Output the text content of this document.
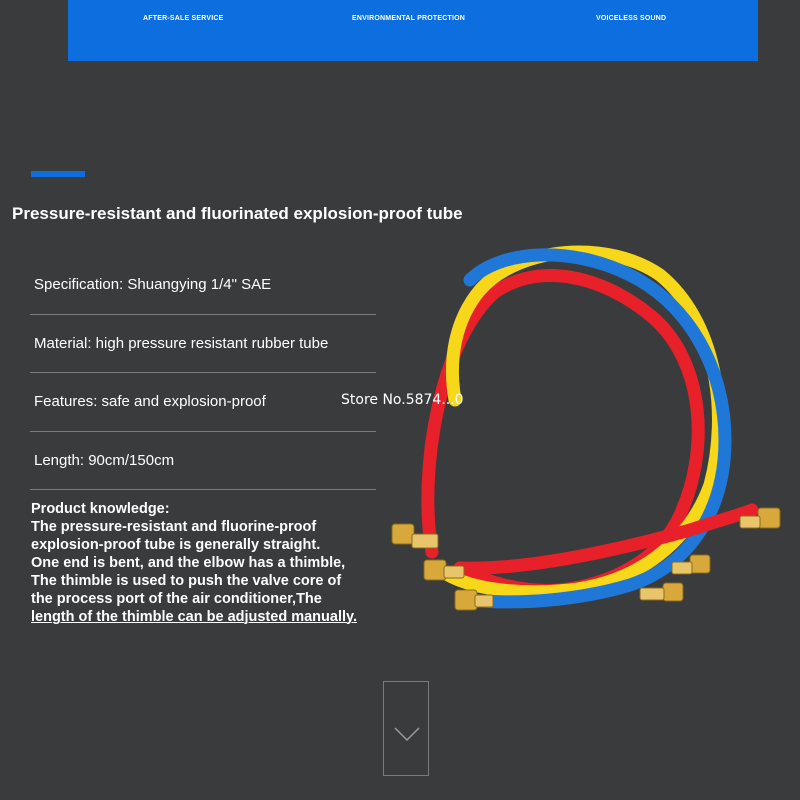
AFTER-SALE SERVICE	ENVIRONMENTAL PROTECTION	VOICELESS SOUND
Pressure-resistant and fluorinated explosion-proof tube
Specification: Shuangying 1/4" SAE
Material: high pressure resistant rubber tube
Features: safe and explosion-proof
Length: 90cm/150cm
Store No.5874...0
Product knowledge:
The pressure-resistant and fluorine-proof
explosion-proof tube is generally straight.
One end is bent, and the elbow has a thimble,
The thimble is used to push the valve core of
the process port of the air conditioner,The
length of the thimble can be adjusted manually.
